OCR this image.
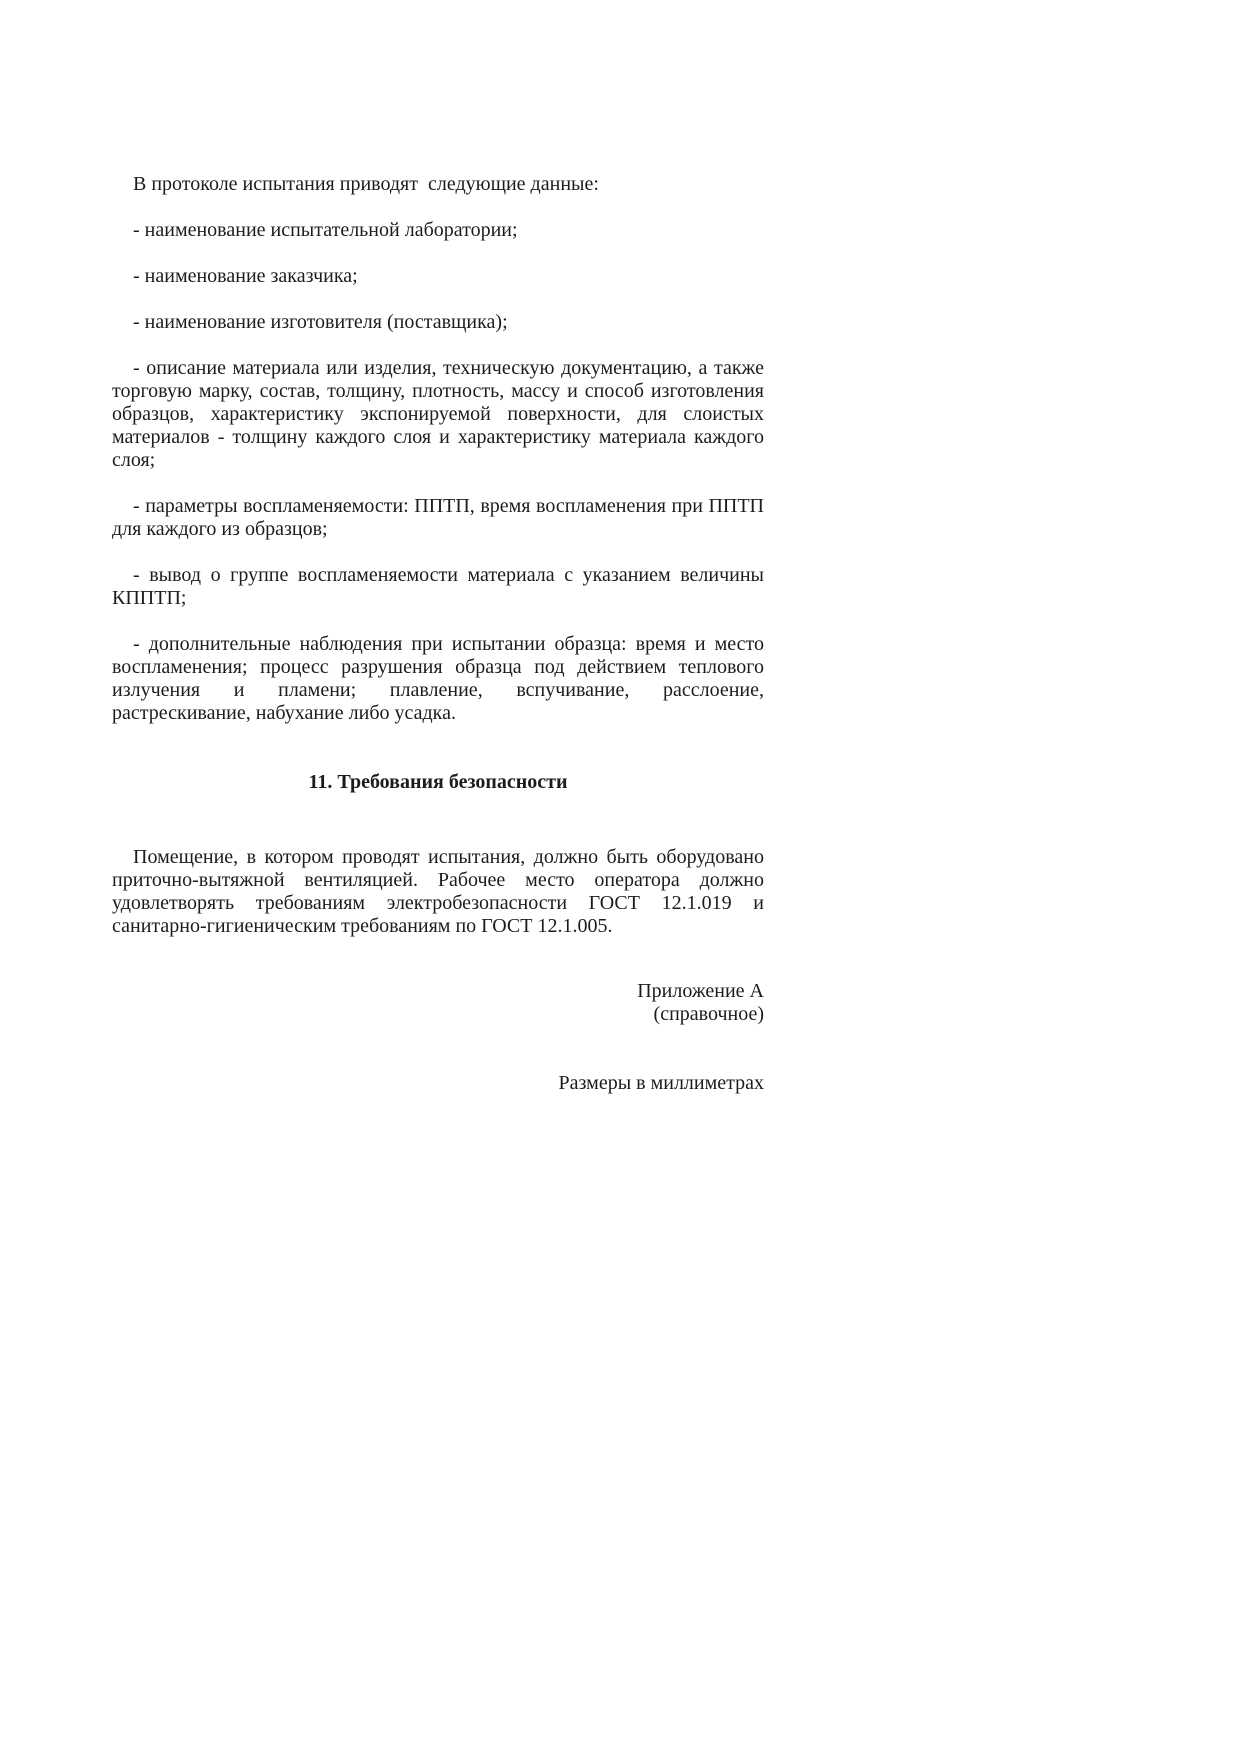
В протоколе испытания приводят  следующие данные:

- наименование испытательной лаборатории;

- наименование заказчика;

- наименование изготовителя (поставщика);

- описание материала или изделия, техническую документацию, а также торговую марку, состав, толщину, плотность, массу и способ изготовления образцов, характеристику экспонируемой поверхности, для слоистых материалов - толщину каждого слоя и характеристику материала каждого слоя;

- параметры воспламеняемости: ППТП, время воспламенения при ППТП для каждого из образцов;

- вывод о группе воспламеняемости материала с указанием величины КППТП;

- дополнительные наблюдения при испытании образца: время и место воспламенения; процесс разрушения образца под действием теплового излучения и пламени; плавление, вспучивание, расслоение, растрескивание, набухание либо усадка.

11. Требования безопасности

Помещение, в котором проводят испытания, должно быть оборудовано приточно-вытяжной вентиляцией. Рабочее место оператора должно удовлетворять требованиям электробезопасности ГОСТ 12.1.019 и санитарно-гигиеническим требованиям по ГОСТ 12.1.005.

Приложение А

(справочное)

Размеры в миллиметрах
